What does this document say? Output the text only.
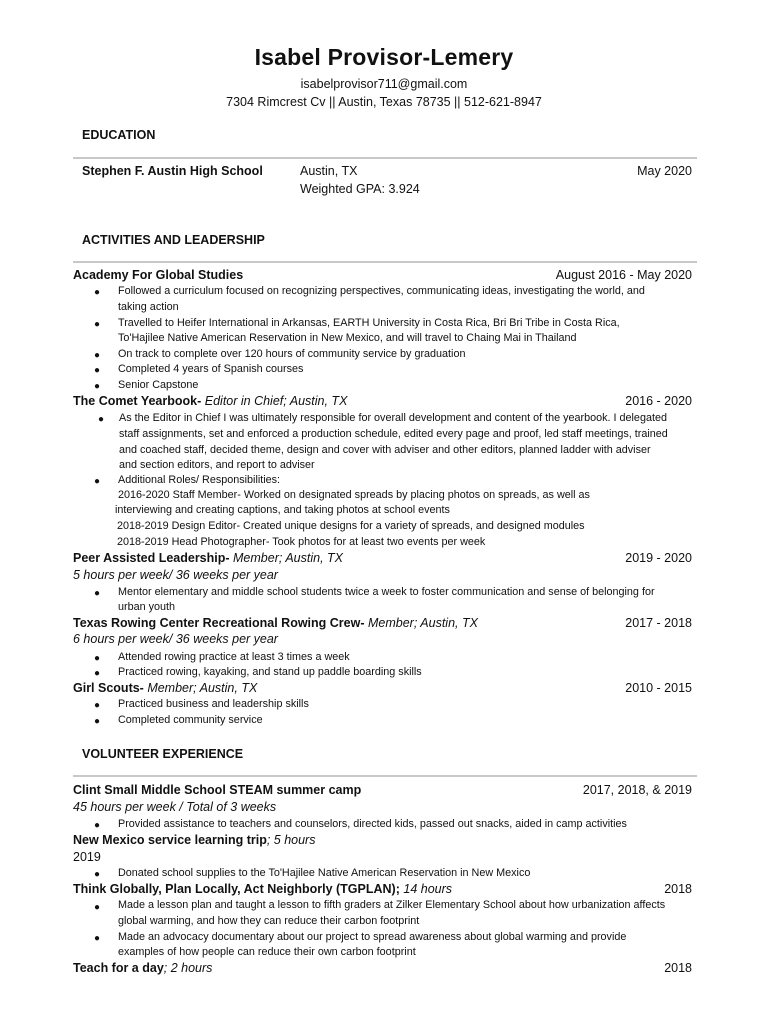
Isabel Provisor-Lemery
isabelprovisor711@gmail.com
7304 Rimcrest Cv || Austin, Texas 78735 || 512-621-8947
EDUCATION
Stephen F. Austin High School	Austin, TX	May 2020
Weighted GPA: 3.924
ACTIVITIES AND LEADERSHIP
Academy For Global Studies	August 2016 - May 2020
● Followed a curriculum focused on recognizing perspectives, communicating ideas, investigating the world, and
taking action
● Travelled to Heifer International in Arkansas, EARTH University in Costa Rica, Bri Bri Tribe in Costa Rica,
To'Hajilee Native American Reservation in New Mexico, and will travel to Chaing Mai in Thailand
● On track to complete over 120 hours of community service by graduation
● Completed 4 years of Spanish courses
● Senior Capstone
The Comet Yearbook- Editor in Chief; Austin, TX	2016 - 2020
● As the Editor in Chief I was ultimately responsible for overall development and content of the yearbook. I delegated
staff assignments, set and enforced a production schedule, edited every page and proof, led staff meetings, trained
and coached staff, decided theme, design and cover with adviser and other editors, planned ladder with adviser
and section editors, and report to adviser
● Additional Roles/ Responsibilities:
2016-2020 Staff Member- Worked on designated spreads by placing photos on spreads, as well as
interviewing and creating captions, and taking photos at school events
2018-2019 Design Editor- Created unique designs for a variety of spreads, and designed modules
2018-2019 Head Photographer- Took photos for at least two events per week
Peer Assisted Leadership- Member; Austin, TX	2019 - 2020
5 hours per week/ 36 weeks per year
● Mentor elementary and middle school students twice a week to foster communication and sense of belonging for
urban youth
Texas Rowing Center Recreational Rowing Crew- Member; Austin, TX	2017 - 2018
6 hours per week/ 36 weeks per year
● Attended rowing practice at least 3 times a week
● Practiced rowing, kayaking, and stand up paddle boarding skills
Girl Scouts- Member; Austin, TX	2010 - 2015
● Practiced business and leadership skills
● Completed community service
VOLUNTEER EXPERIENCE
Clint Small Middle School STEAM summer camp	2017, 2018, & 2019
45 hours per week / Total of 3 weeks
● Provided assistance to teachers and counselors, directed kids, passed out snacks, aided in camp activities
New Mexico service learning trip; 5 hours
2019
● Donated school supplies to the To'Hajilee Native American Reservation in New Mexico
Think Globally, Plan Locally, Act Neighborly (TGPLAN); 14 hours	2018
● Made a lesson plan and taught a lesson to fifth graders at Zilker Elementary School about how urbanization affects
global warming, and how they can reduce their carbon footprint
● Made an advocacy documentary about our project to spread awareness about global warming and provide
examples of how people can reduce their own carbon footprint
Teach for a day; 2 hours	2018
